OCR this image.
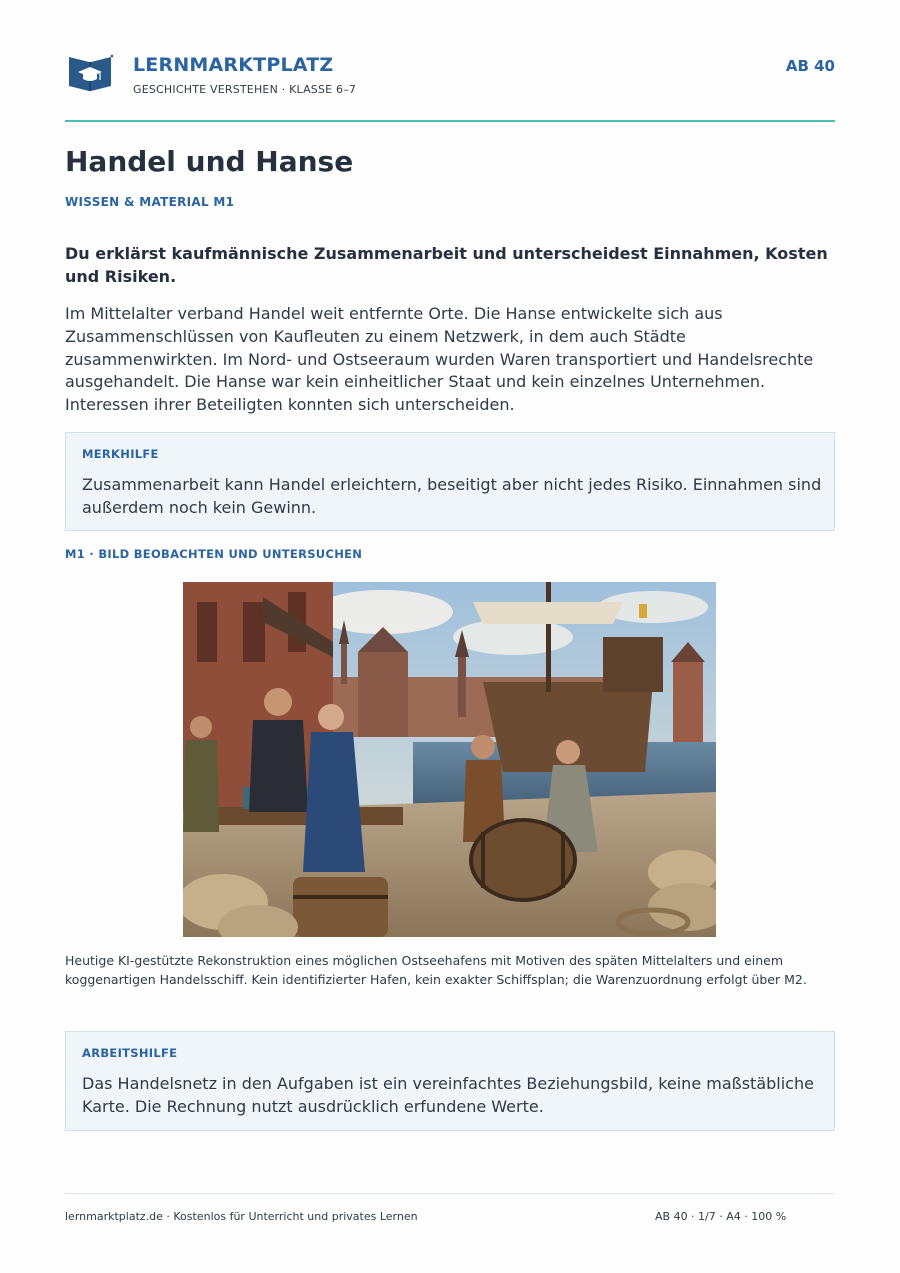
LERNMARKTPLATZ
GESCHICHTE VERSTEHEN · KLASSE 6–7
AB 40
Handel und Hanse
WISSEN & MATERIAL M1

Du erklärst kaufmännische Zusammenarbeit und unterscheidest Einnahmen, Kosten und Risiken.

Im Mittelalter verband Handel weit entfernte Orte. Die Hanse entwickelte sich aus Zusammenschlüssen von Kaufleuten zu einem Netzwerk, in dem auch Städte zusammenwirkten. Im Nord- und Ostseeraum wurden Waren transportiert und Handelsrechte ausgehandelt. Die Hanse war kein einheitlicher Staat und kein einzelnes Unternehmen. Interessen ihrer Beteiligten konnten sich unterscheiden.

MERKHILFE

Zusammenarbeit kann Handel erleichtern, beseitigt aber nicht jedes Risiko. Einnahmen sind außerdem noch kein Gewinn.

M1 · BILD BEOBACHTEN UND UNTERSUCHEN

Heutige KI-gestützte Rekonstruktion eines möglichen Ostseehafens mit Motiven des späten Mittelalters und einem koggenartigen Handelsschiff. Kein identifizierter Hafen, kein exakter Schiffsplan; die Warenzuordnung erfolgt über M2.

ARBEITSHILFE

Das Handelsnetz in den Aufgaben ist ein vereinfachtes Beziehungsbild, keine maßstäbliche Karte. Die Rechnung nutzt ausdrücklich erfundene Werte.

lernmarktplatz.de · Kostenlos für Unterricht und privates Lernen	AB 40 · 1/7 · A4 · 100 %
